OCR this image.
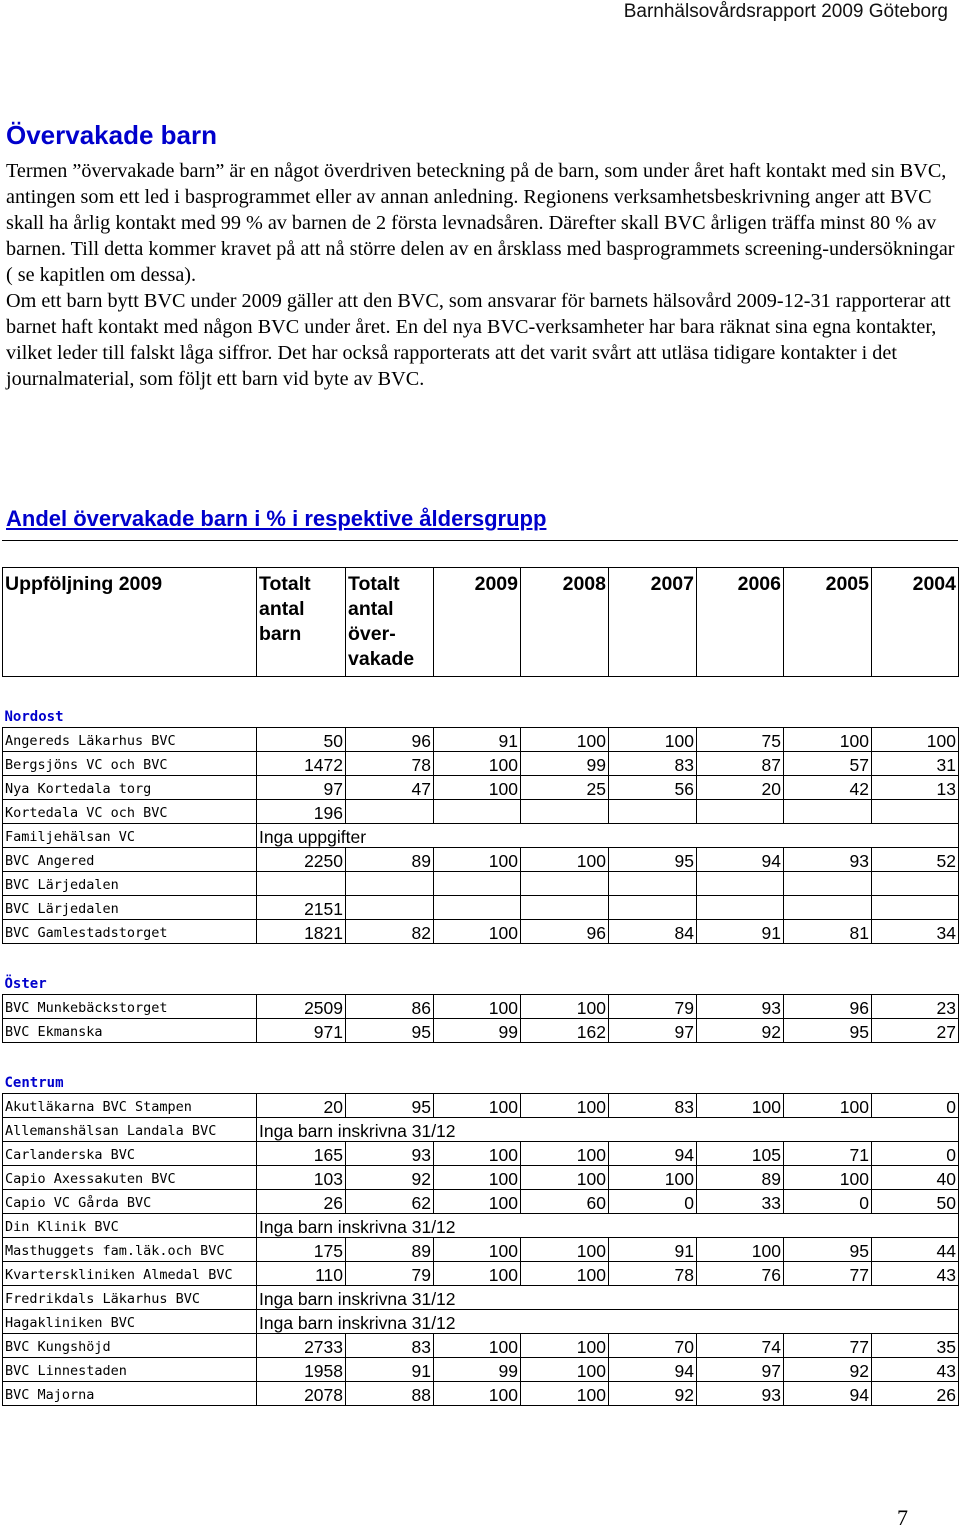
Barnhälsovårdsrapport 2009 Göteborg
Övervakade barn

Termen ”övervakade barn” är en något överdriven beteckning på de barn, som under året haft kontakt med sin BVC, antingen som ett led i basprogrammet eller av annan anledning. Regionens verksamhetsbeskrivning anger att BVC skall ha årlig kontakt med 99 % av barnen de 2 första levnadsåren. Därefter skall BVC årligen träffa minst 80 % av barnen. Till detta kommer kravet på att nå större delen av en årsklass med basprogrammets screening-undersökningar ( se kapitlen om dessa).

Om ett barn bytt BVC under 2009 gäller att den BVC, som ansvarar för barnets hälsovård 2009-12-31 rapporterar att barnet haft kontakt med någon BVC under året. En del nya BVC-verksamheter har bara räknat sina egna kontakter, vilket leder till falskt låga siffror. Det har också rapporterats att det varit svårt att utläsa tidigare kontakter i det journalmaterial, som följt ett barn vid byte av BVC.

Andel övervakade barn i % i respektive åldersgrupp
Uppföljning 2009	Totalt antal barn	Totalt antal över-vakade	2009	2008	2007	2006	2005	2004

Nordost								
Angereds Läkarhus BVC	50	96	91	100	100	75	100	100
Bergsjöns VC och BVC	1472	78	100	99	83	87	57	31
Nya Kortedala torg	97	47	100	25	56	20	42	13
Kortedala VC och BVC	196							
Familjehälsan VC	Inga uppgifter							
BVC Angered	2250	89	100	100	95	94	93	52
BVC Lärjedalen								
BVC Lärjedalen	2151							
BVC Gamlestadstorget	1821	82	100	96	84	91	81	34

Öster								
BVC Munkebäckstorget	2509	86	100	100	79	93	96	23
BVC Ekmanska	971	95	99	162	97	92	95	27

Centrum								
Akutläkarna BVC Stampen	20	95	100	100	83	100	100	0
Allemanshälsan Landala BVC	Inga barn inskrivna 31/12							
Carlanderska BVC	165	93	100	100	94	105	71	0
Capio Axessakuten BVC	103	92	100	100	100	89	100	40
Capio VC Gårda BVC	26	62	100	60	0	33	0	50
Din Klinik BVC	Inga barn inskrivna 31/12							
Masthuggets fam.läk.och BVC	175	89	100	100	91	100	95	44
Kvarterskliniken Almedal BVC	110	79	100	100	78	76	77	43
Fredrikdals Läkarhus BVC	Inga barn inskrivna 31/12							
Hagakliniken BVC	Inga barn inskrivna 31/12							
BVC Kungshöjd	2733	83	100	100	70	74	77	35
BVC Linnestaden	1958	91	99	100	94	97	92	43
BVC Majorna	2078	88	100	100	92	93	94	26
7
